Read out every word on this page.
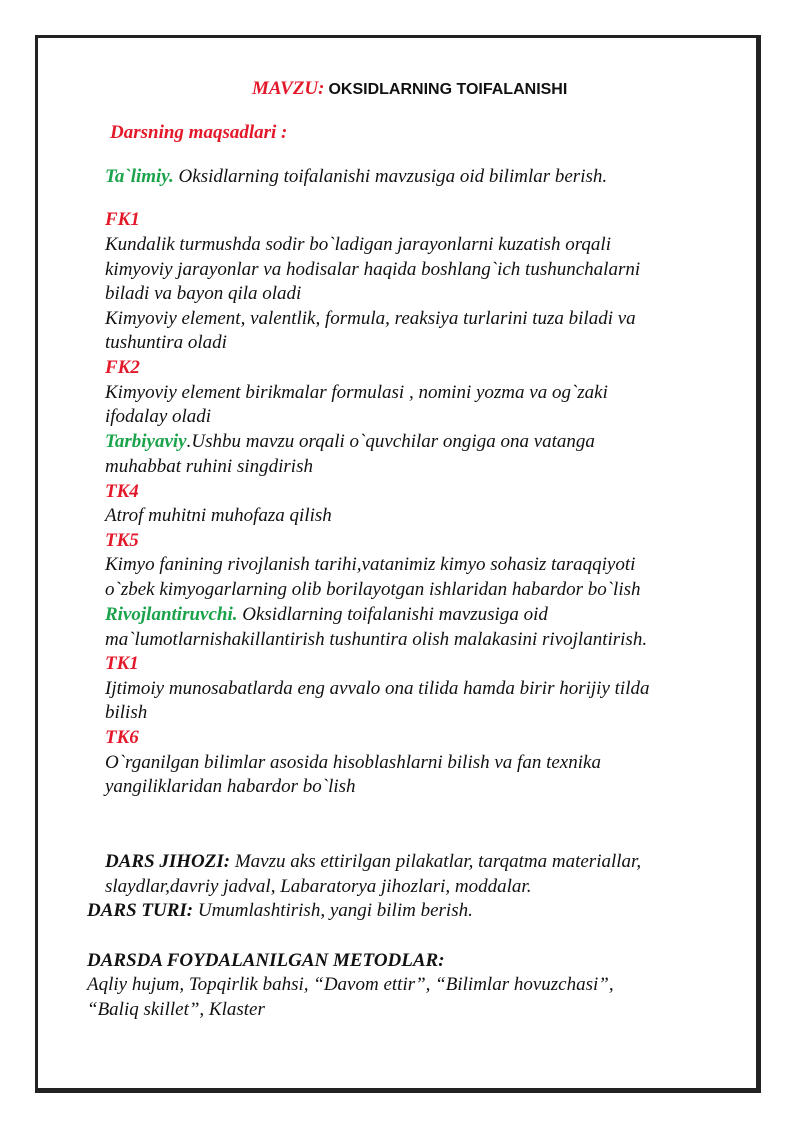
MAVZU: OKSIDLARNING TOIFALANISHI

Darsning maqsadlari :

Ta`limiy. Oksidlarning toifalanishi mavzusiga oid bilimlar berish.

FK1

Kundalik turmushda sodir bo`ladigan jarayonlarni kuzatish orqali

kimyoviy jarayonlar va hodisalar haqida boshlang`ich tushunchalarni

biladi va bayon qila oladi

Kimyoviy element, valentlik, formula, reaksiya turlarini tuza biladi va

tushuntira oladi

FK2

Kimyoviy element birikmalar formulasi , nomini yozma va og`zaki

ifodalay oladi

Tarbiyaviy.Ushbu mavzu orqali o`quvchilar ongiga ona vatanga

muhabbat ruhini singdirish

TK4

Atrof muhitni muhofaza qilish

TK5

Kimyo fanining rivojlanish tarihi,vatanimiz kimyo sohasiz taraqqiyoti

o`zbek kimyogarlarning olib borilayotgan ishlaridan habardor bo`lish

Rivojlantiruvchi. Oksidlarning toifalanishi mavzusiga oid

ma`lumotlarnishakillantirish tushuntira olish malakasini rivojlantirish.

TK1

Ijtimoiy munosabatlarda eng avvalo ona tilida hamda birir horijiy tilda

bilish

TK6

O`rganilgan bilimlar asosida hisoblashlarni bilish va fan texnika

yangiliklaridan habardor bo`lish

DARS JIHOZI: Mavzu aks ettirilgan pilakatlar, tarqatma materiallar,

slaydlar,davriy jadval, Labaratorya jihozlari, moddalar.

DARS TURI: Umumlashtirish, yangi bilim berish.

DARSDA FOYDALANILGAN METODLAR:

Aqliy hujum, Topqirlik bahsi, “Davom ettir”, “Bilimlar hovuzchasi”,

“Baliq skillet”, Klaster
